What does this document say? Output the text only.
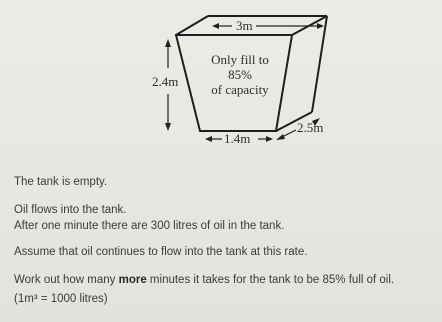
3m
2.4m
1.4m
2.5m
Only fill to
85%
of capacity
The tank is empty.
Oil flows into the tank.
After one minute there are 300 litres of oil in the tank.
Assume that oil continues to flow into the tank at this rate.
Work out how many more minutes it takes for the tank to be 85% full of oil.
(1m³ = 1000 litres)
